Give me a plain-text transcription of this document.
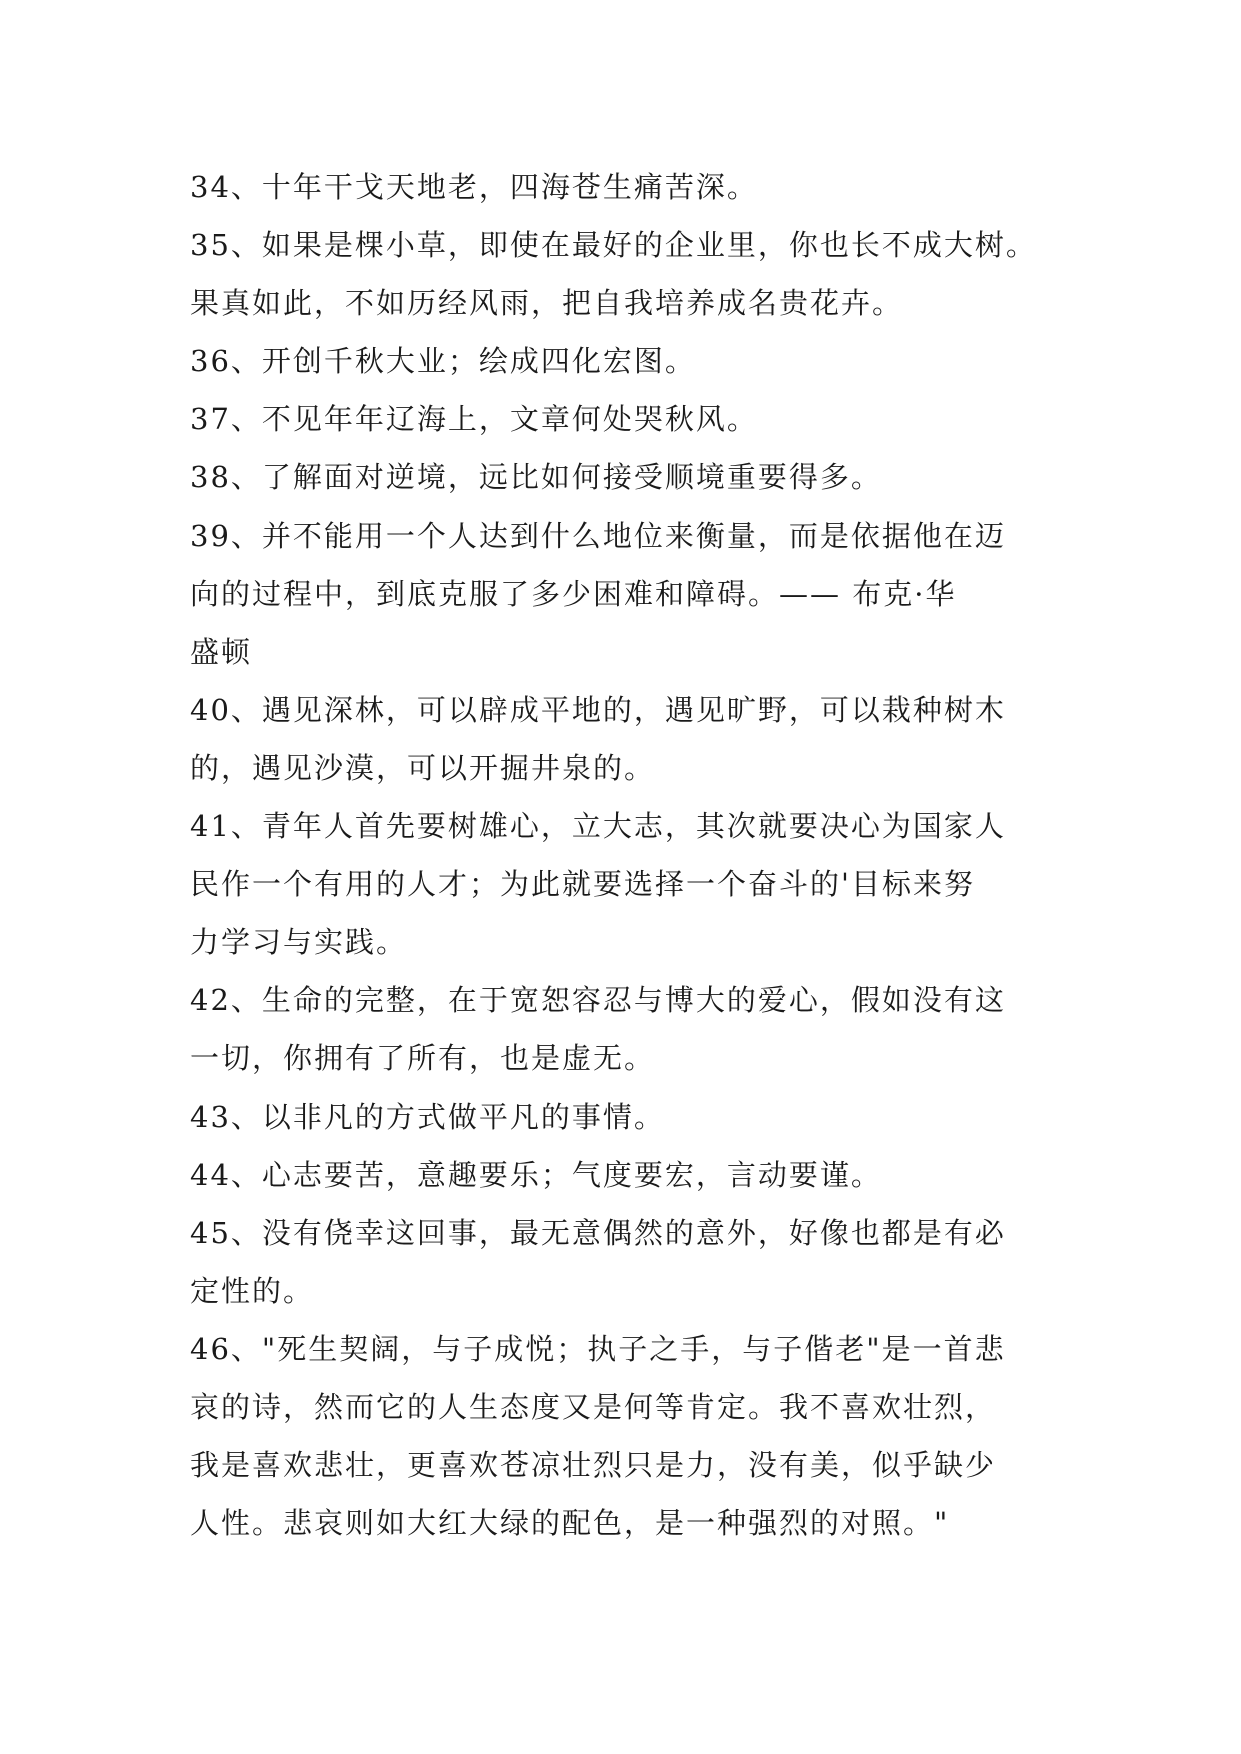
34、十年干戈天地老，四海苍生痛苦深。
35、如果是棵小草，即使在最好的企业里，你也长不成大树。
果真如此，不如历经风雨，把自我培养成名贵花卉。
36、开创千秋大业；绘成四化宏图。
37、不见年年辽海上，文章何处哭秋风。
38、了解面对逆境，远比如何接受顺境重要得多。
39、并不能用一个人达到什么地位来衡量，而是依据他在迈
向的过程中，到底克服了多少困难和障碍。—— 布克·华
盛顿
40、遇见深林，可以辟成平地的，遇见旷野，可以栽种树木
的，遇见沙漠，可以开掘井泉的。
41、青年人首先要树雄心，立大志，其次就要决心为国家人
民作一个有用的人才；为此就要选择一个奋斗的'目标来努
力学习与实践。
42、生命的完整，在于宽恕容忍与博大的爱心，假如没有这
一切，你拥有了所有，也是虚无。
43、以非凡的方式做平凡的事情。
44、心志要苦，意趣要乐；气度要宏，言动要谨。
45、没有侥幸这回事，最无意偶然的意外，好像也都是有必
定性的。
46、"死生契阔，与子成悦；执子之手，与子偕老"是一首悲
哀的诗，然而它的人生态度又是何等肯定。我不喜欢壮烈，
我是喜欢悲壮，更喜欢苍凉壮烈只是力，没有美，似乎缺少
人性。悲哀则如大红大绿的配色，是一种强烈的对照。"
